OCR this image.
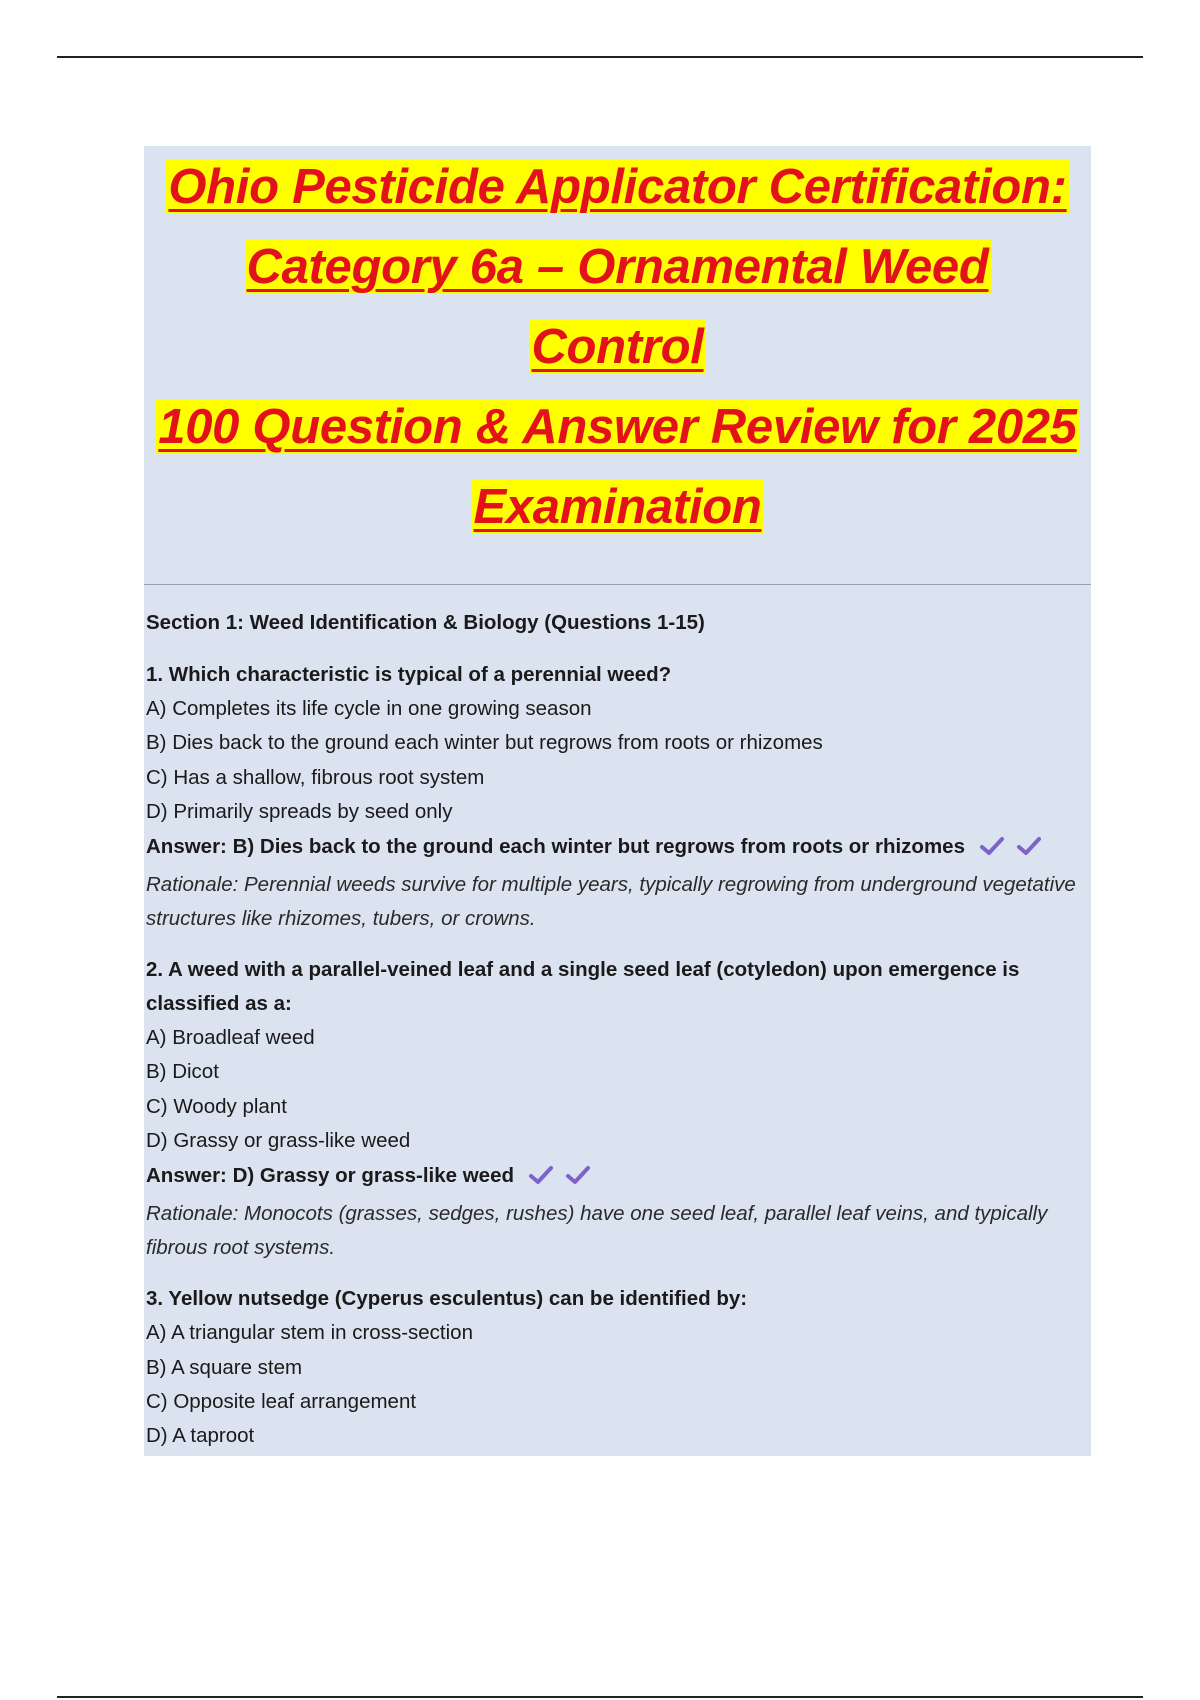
Ohio Pesticide Applicator Certification:
Category 6a – Ornamental Weed
Control
100 Question & Answer Review for 2025
Examination
Section 1: Weed Identification & Biology (Questions 1-15)
1. Which characteristic is typical of a perennial weed?
A) Completes its life cycle in one growing season
B) Dies back to the ground each winter but regrows from roots or rhizomes
C) Has a shallow, fibrous root system
D) Primarily spreads by seed only
Answer: B) Dies back to the ground each winter but regrows from roots or rhizomes
Rationale: Perennial weeds survive for multiple years, typically regrowing from underground vegetative structures like rhizomes, tubers, or crowns.
2. A weed with a parallel-veined leaf and a single seed leaf (cotyledon) upon emergence is classified as a:
A) Broadleaf weed
B) Dicot
C) Woody plant
D) Grassy or grass-like weed
Answer: D) Grassy or grass-like weed
Rationale: Monocots (grasses, sedges, rushes) have one seed leaf, parallel leaf veins, and typically fibrous root systems.
3. Yellow nutsedge (Cyperus esculentus) can be identified by:
A) A triangular stem in cross-section
B) A square stem
C) Opposite leaf arrangement
D) A taproot
